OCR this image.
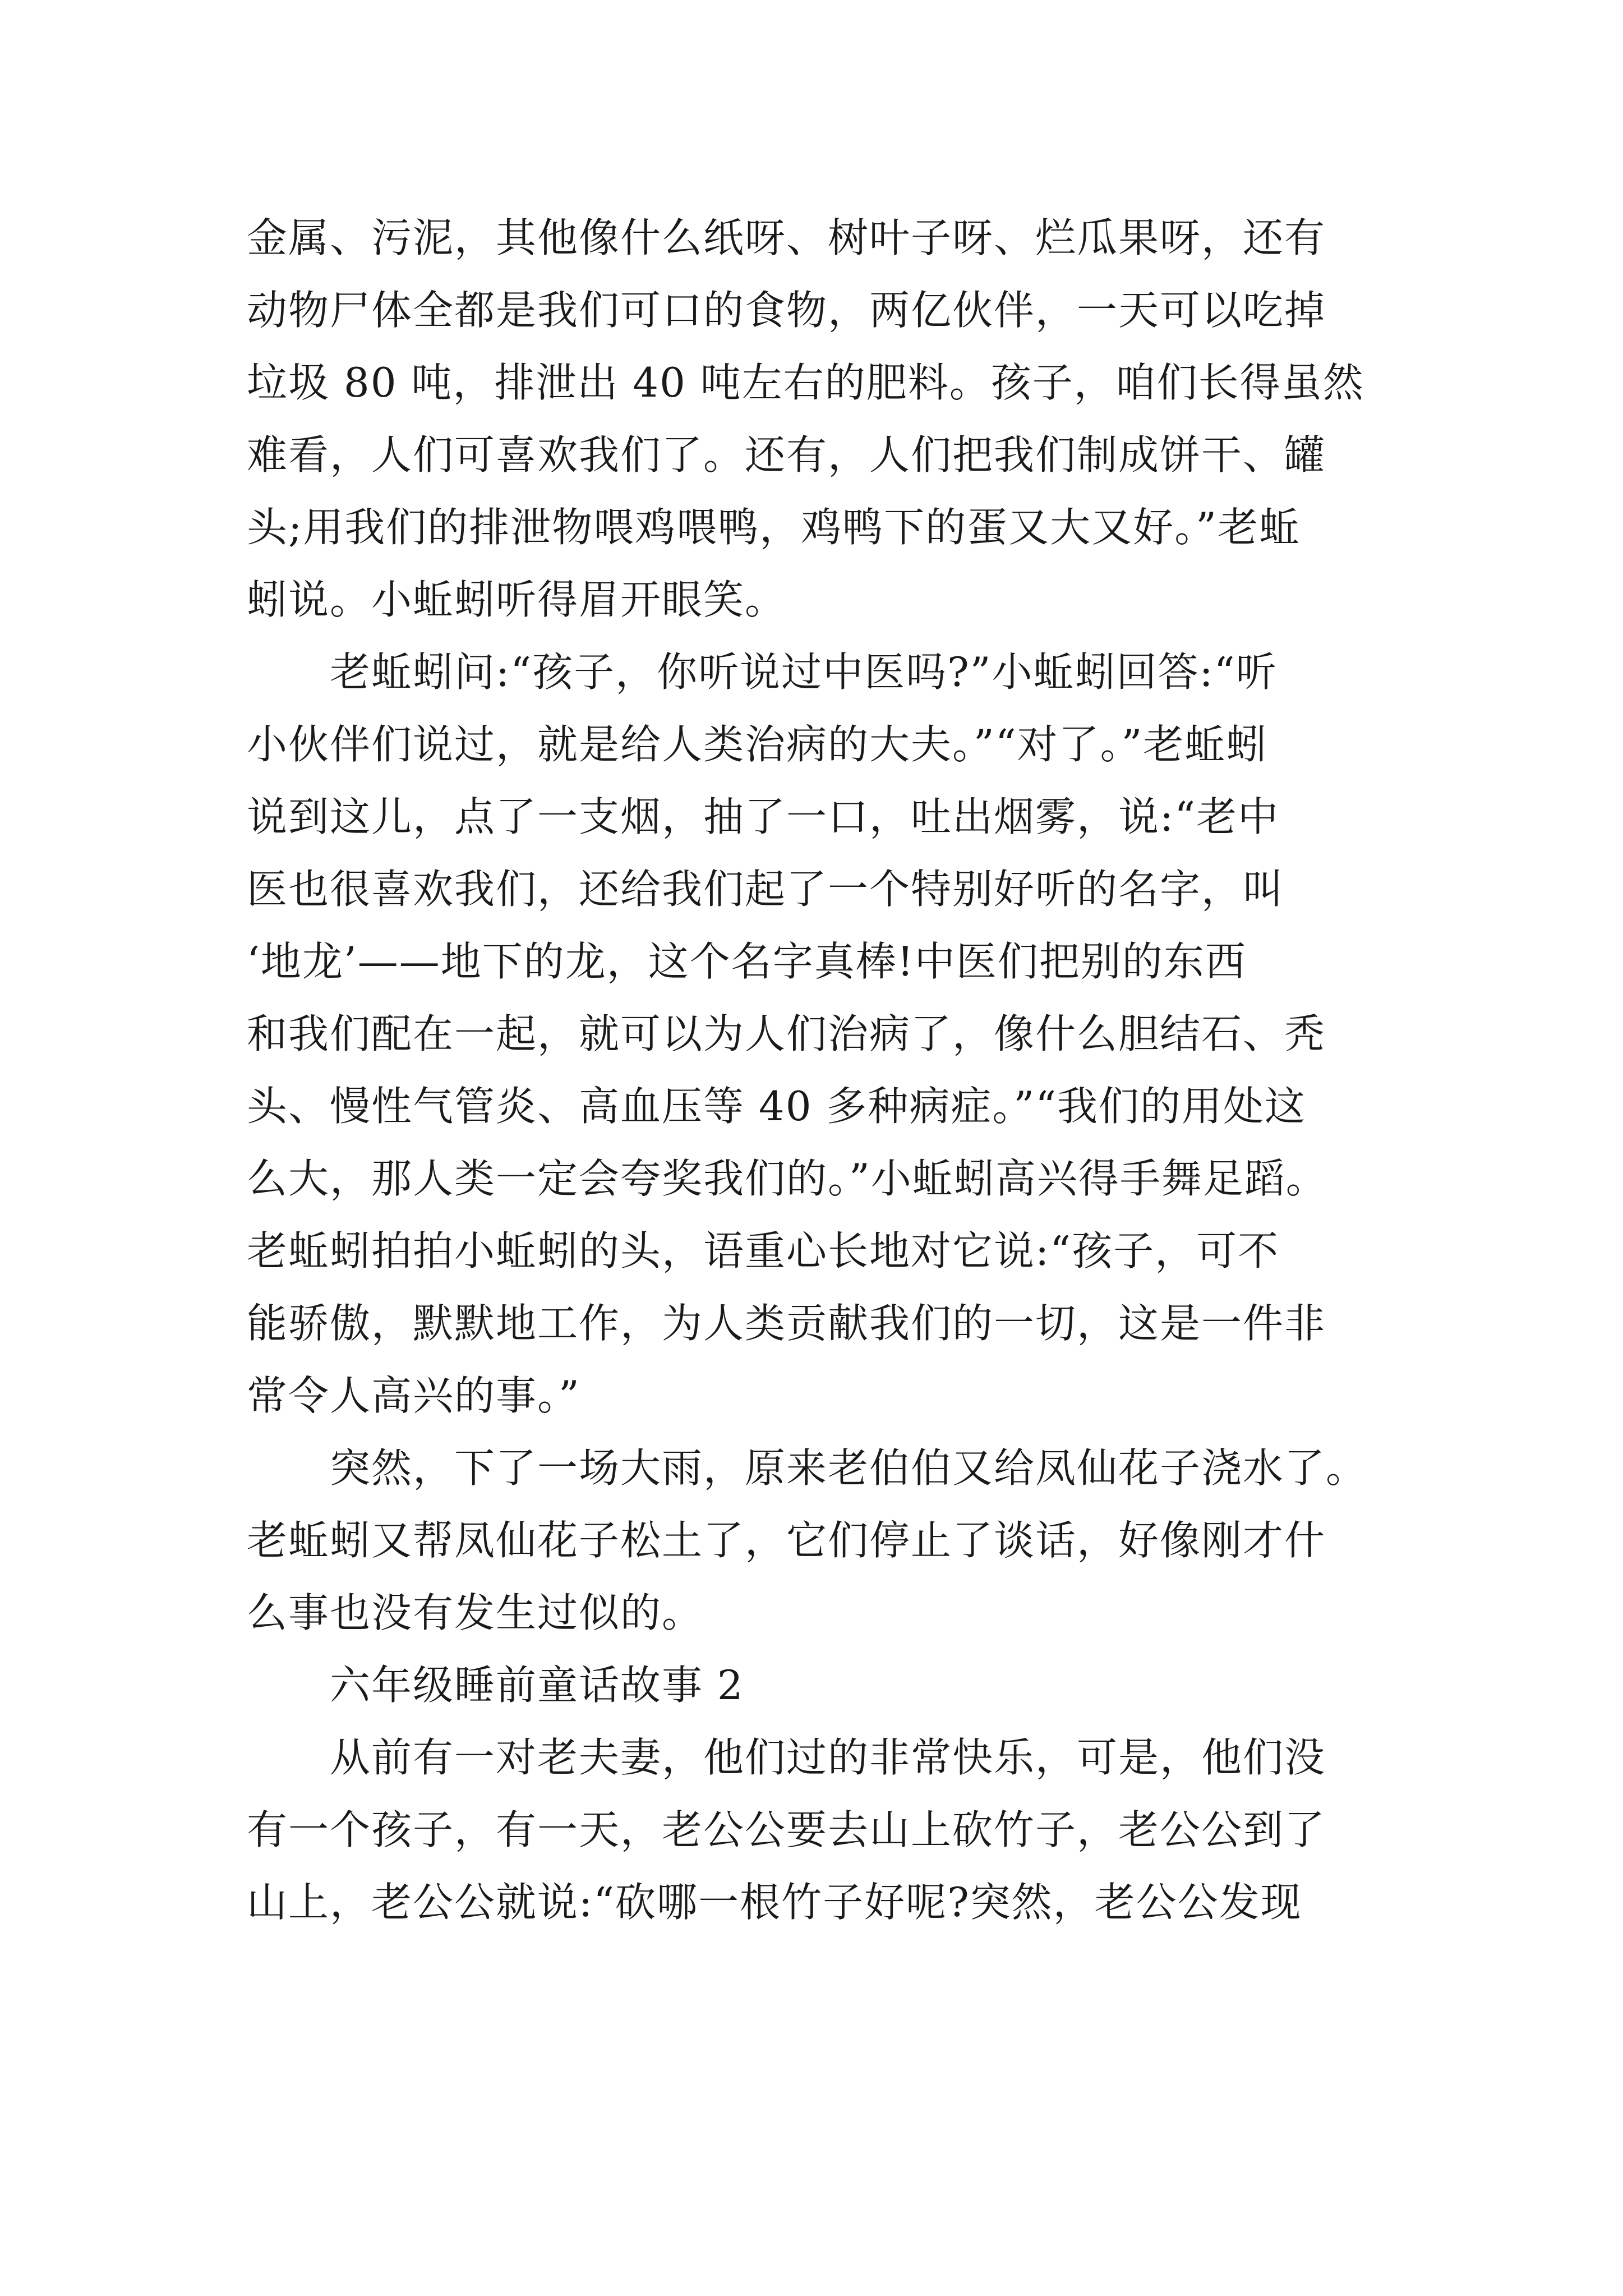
金属、污泥，其他像什么纸呀、树叶子呀、烂瓜果呀，还有
动物尸体全都是我们可口的食物，两亿伙伴，一天可以吃掉
垃圾 80 吨，排泄出 40 吨左右的肥料。孩子，咱们长得虽然
难看，人们可喜欢我们了。还有，人们把我们制成饼干、罐
头;用我们的排泄物喂鸡喂鸭，鸡鸭下的蛋又大又好。”老蚯
蚓说。小蚯蚓听得眉开眼笑。
老蚯蚓问:“孩子，你听说过中医吗?”小蚯蚓回答:“听
小伙伴们说过，就是给人类治病的大夫。”“对了。”老蚯蚓
说到这儿，点了一支烟，抽了一口，吐出烟雾，说:“老中
医也很喜欢我们，还给我们起了一个特别好听的名字，叫
‘地龙’——地下的龙，这个名字真棒!中医们把别的东西
和我们配在一起，就可以为人们治病了，像什么胆结石、秃
头、慢性气管炎、高血压等 40 多种病症。”“我们的用处这
么大，那人类一定会夸奖我们的。”小蚯蚓高兴得手舞足蹈。
老蚯蚓拍拍小蚯蚓的头，语重心长地对它说:“孩子，可不
能骄傲，默默地工作，为人类贡献我们的一切，这是一件非
常令人高兴的事。”
突然，下了一场大雨，原来老伯伯又给凤仙花子浇水了。
老蚯蚓又帮凤仙花子松土了，它们停止了谈话，好像刚才什
么事也没有发生过似的。
六年级睡前童话故事 2
从前有一对老夫妻，他们过的非常快乐，可是，他们没
有一个孩子，有一天，老公公要去山上砍竹子，老公公到了
山上，老公公就说:“砍哪一根竹子好呢?突然，老公公发现
